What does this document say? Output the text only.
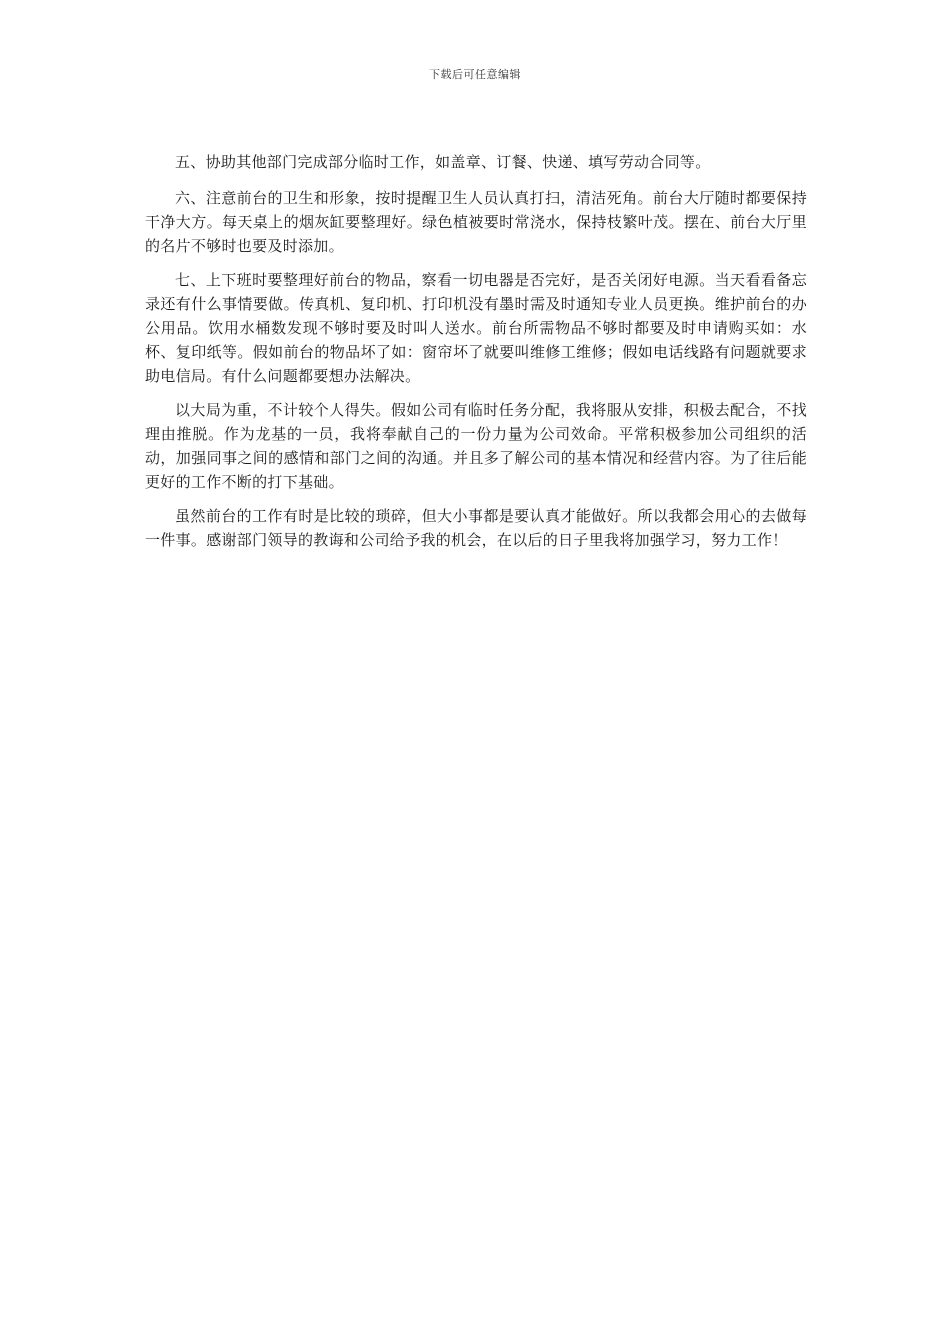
下载后可任意编辑

五、协助其他部门完成部分临时工作，如盖章、订餐、快递、填写劳动合同等。

六、注意前台的卫生和形象，按时提醒卫生人员认真打扫，清洁死角。前台大厅随时都要保持干净大方。每天桌上的烟灰缸要整理好。绿色植被要时常浇水，保持枝繁叶茂。摆在、前台大厅里的名片不够时也要及时添加。

七、上下班时要整理好前台的物品，察看一切电器是否完好，是否关闭好电源。当天看看备忘录还有什么事情要做。传真机、复印机、打印机没有墨时需及时通知专业人员更换。维护前台的办公用品。饮用水桶数发现不够时要及时叫人送水。前台所需物品不够时都要及时申请购买如：水杯、复印纸等。假如前台的物品坏了如：窗帘坏了就要叫维修工维修；假如电话线路有问题就要求助电信局。有什么问题都要想办法解决。

以大局为重，不计较个人得失。假如公司有临时任务分配，我将服从安排，积极去配合，不找理由推脱。作为龙基的一员，我将奉献自己的一份力量为公司效命。平常积极参加公司组织的活动，加强同事之间的感情和部门之间的沟通。并且多了解公司的基本情况和经营内容。为了往后能更好的工作不断的打下基础。

虽然前台的工作有时是比较的琐碎，但大小事都是要认真才能做好。所以我都会用心的去做每一件事。感谢部门领导的教诲和公司给予我的机会，在以后的日子里我将加强学习，努力工作！
